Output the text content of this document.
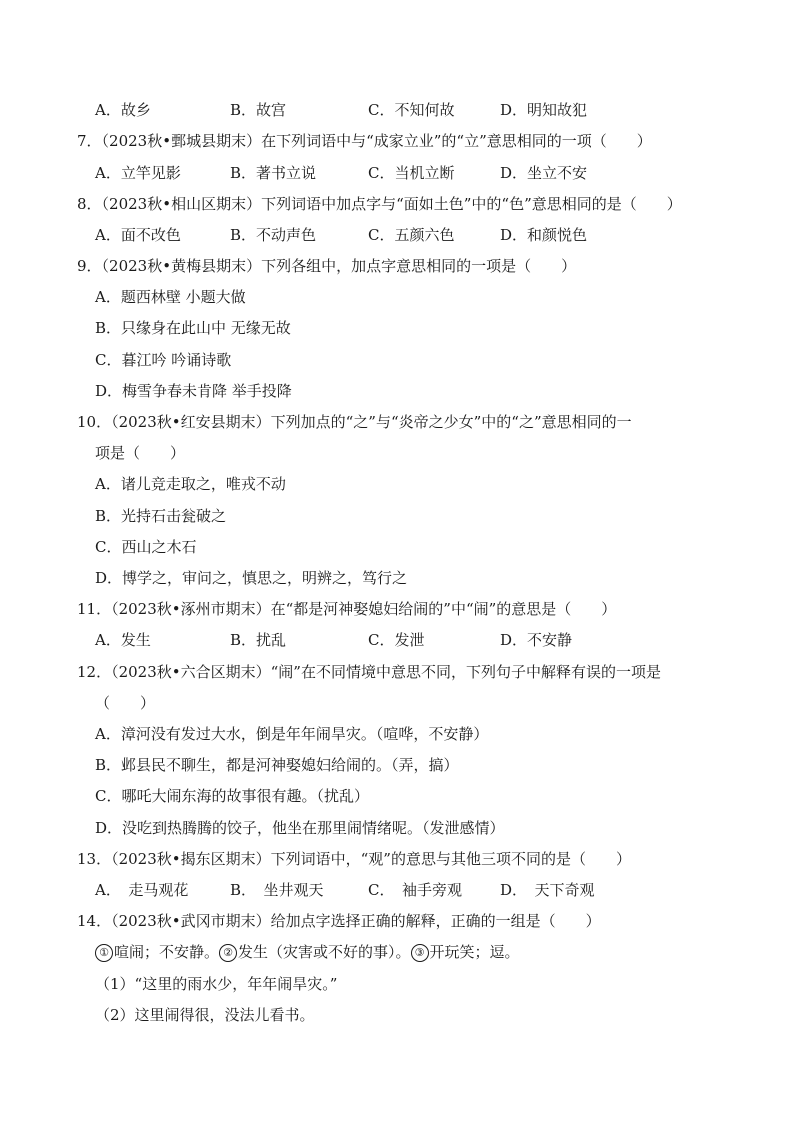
A．故乡	B．故宫	C．不知何故	D．明知故犯
7．（2023秋•鄄城县期末）在下列词语中与“成家立业”的“立”意思相同的一项（　　）
A．立竿见影	B．著书立说	C．当机立断	D．坐立不安
8．（2023秋•相山区期末）下列词语中加点字与“面如土色”中的“色”意思相同的是（　　）
A．面不改色	B．不动声色	C．五颜六色	D．和颜悦色
9．（2023秋•黄梅县期末）下列各组中，加点字意思相同的一项是（　　）
A．题西林壁 小题大做
B．只缘身在此山中 无缘无故
C．暮江吟 吟诵诗歌
D．梅雪争春未肯降 举手投降
10．（2023秋•红安县期末）下列加点的“之”与“炎帝之少女”中的“之”意思相同的一
项是（　　）
A．诸儿竞走取之，唯戎不动
B．光持石击瓮破之
C．西山之木石
D．博学之，审问之，慎思之，明辨之，笃行之
11．（2023秋•涿州市期末）在“都是河神娶媳妇给闹的”中“闹”的意思是（　　）
A．发生	B．扰乱	C．发泄	D．不安静
12．（2023秋•六合区期末）“闹”在不同情境中意思不同，下列句子中解释有误的一项是
（　　）
A．漳河没有发过大水，倒是年年闹旱灾。（喧哗，不安静）
B．邺县民不聊生，都是河神娶媳妇给闹的。（弄，搞）
C．哪吒大闹东海的故事很有趣。（扰乱）
D．没吃到热腾腾的饺子，他坐在那里闹情绪呢。（发泄感情）
13．（2023秋•揭东区期末）下列词语中，“观”的意思与其他三项不同的是（　　）
A．　走马观花	B．　坐井观天	C．　袖手旁观	D．　天下奇观
14．（2023秋•武冈市期末）给加点字选择正确的解释，正确的一组是（　　）
① 喧闹；不安静。 ② 发生（灾害或不好的事）。 ③ 开玩笑；逗。
（1）“这里的雨水少，年年闹旱灾。”
（2）这里闹得很，没法儿看书。
